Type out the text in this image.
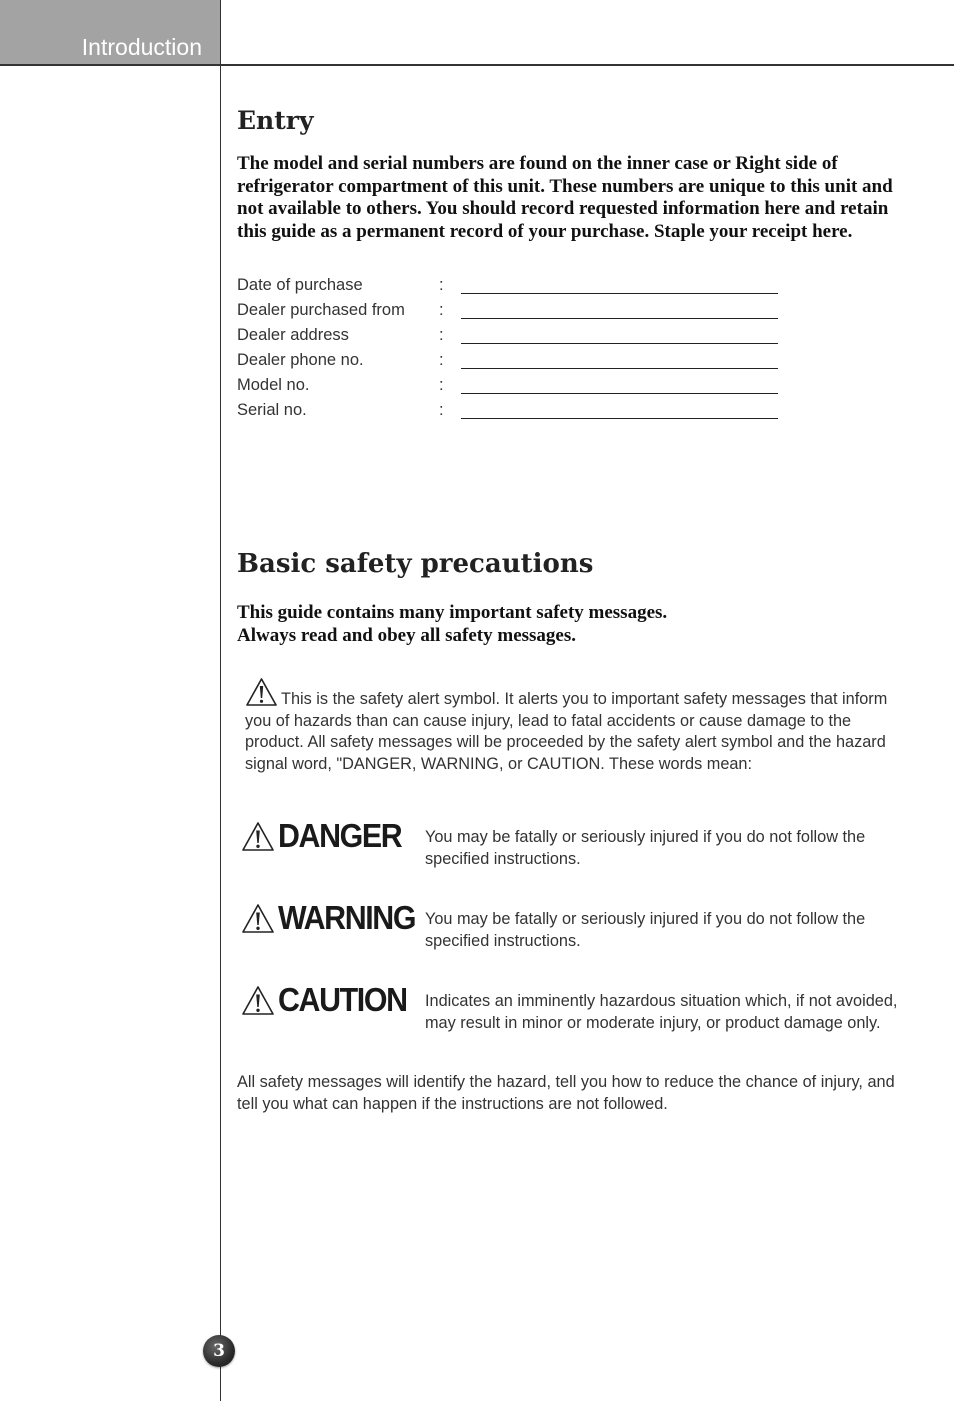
Introduction
Entry

The model and serial numbers are found on the inner case or Right side of refrigerator compartment of this unit. These numbers are unique to this unit and not available to others. You should record requested information here and retain this guide as a permanent record of your purchase. Staple your receipt here.

Date of purchase	:
Dealer purchased from :
Dealer address	:
Dealer phone no.	:
Model no.	:
Serial no.	:
Basic safety precautions

This guide contains many important safety messages.
Always read and obey all safety messages.

This is the safety alert symbol. It alerts you to important safety messages that inform you of hazards than can cause injury, lead to fatal accidents or cause damage to the product. All safety messages will be proceeded by the safety alert symbol and the hazard signal word, "DANGER, WARNING, or CAUTION. These words mean:

DANGER You may be fatally or seriously injured if you do not follow the specified instructions.

WARNING You may be fatally or seriously injured if you do not follow the specified instructions.

CAUTION Indicates an imminently hazardous situation which, if not avoided, may result in minor or moderate injury, or product damage only.

All safety messages will identify the hazard, tell you how to reduce the chance of injury, and tell you what can happen if the instructions are not followed.

3
